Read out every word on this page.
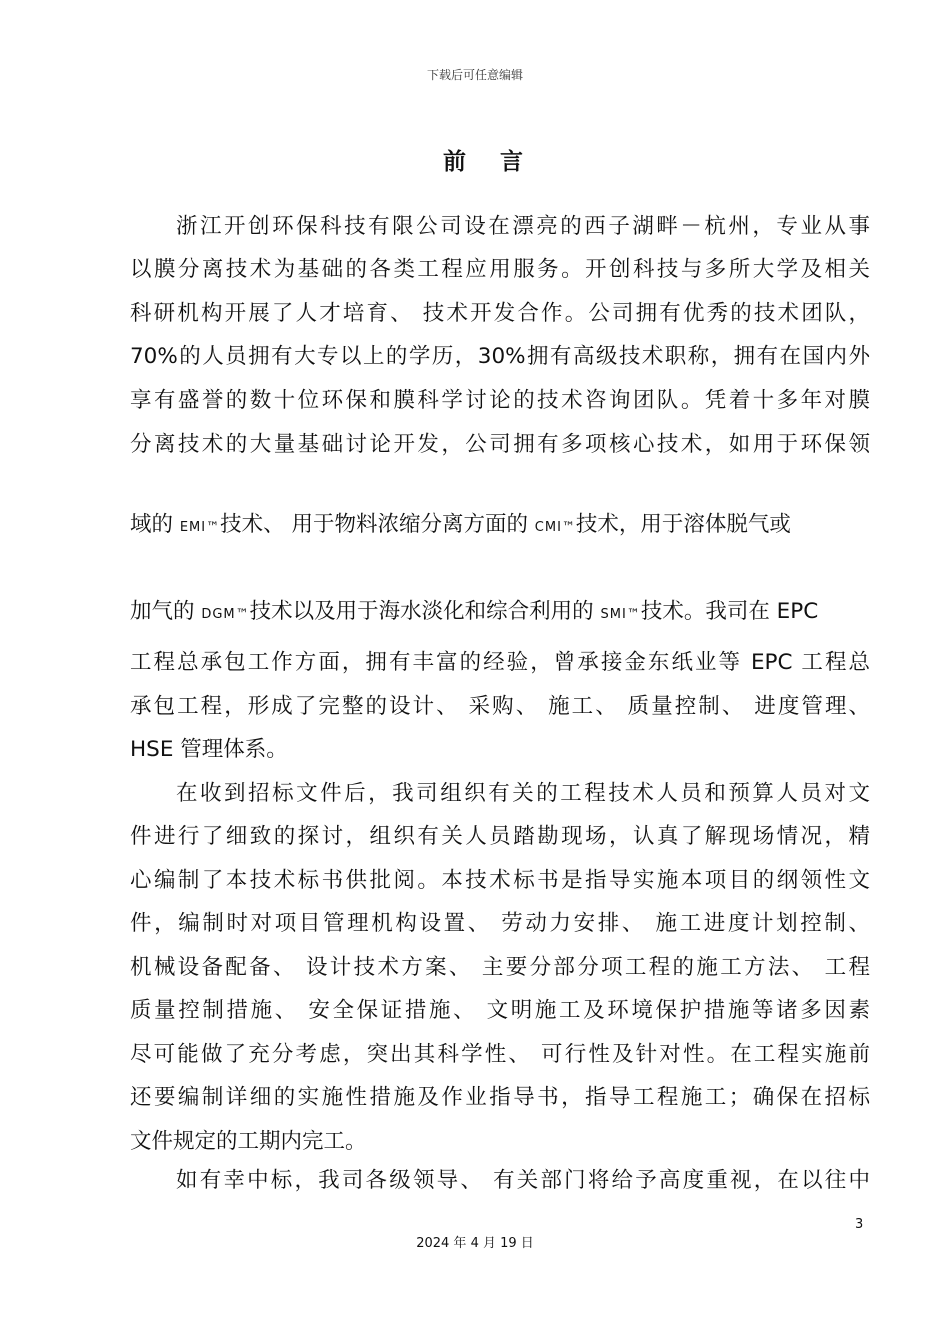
下载后可任意编辑
前言
浙江开创环保科技有限公司设在漂亮的西子湖畔－杭州，专业从事
以膜分离技术为基础的各类工程应用服务。开创科技与多所大学及相关
科研机构开展了人才培育、 技术开发合作。公司拥有优秀的技术团队，
70%的人员拥有大专以上的学历，30%拥有高级技术职称，拥有在国内外
享有盛誉的数十位环保和膜科学讨论的技术咨询团队。凭着十多年对膜
分离技术的大量基础讨论开发，公司拥有多项核心技术，如用于环保领
域的 EMI™技术、 用于物料浓缩分离方面的 CMI™技术，用于溶体脱气或
加气的 DGM™技术以及用于海水淡化和综合利用的 SMI™技术。我司在 EPC
工程总承包工作方面，拥有丰富的经验，曾承接金东纸业等 EPC 工程总
承包工程，形成了完整的设计、 采购、 施工、 质量控制、 进度管理、
HSE 管理体系。
在收到招标文件后，我司组织有关的工程技术人员和预算人员对文
件进行了细致的探讨，组织有关人员踏勘现场，认真了解现场情况，精
心编制了本技术标书供批阅。本技术标书是指导实施本项目的纲领性文
件，编制时对项目管理机构设置、 劳动力安排、 施工进度计划控制、
机械设备配备、 设计技术方案、 主要分部分项工程的施工方法、 工程
质量控制措施、 安全保证措施、 文明施工及环境保护措施等诸多因素
尽可能做了充分考虑，突出其科学性、 可行性及针对性。在工程实施前
还要编制详细的实施性措施及作业指导书，指导工程施工；确保在招标
文件规定的工期内完工。
如有幸中标，我司各级领导、 有关部门将给予高度重视，在以往中
3
2024 年 4 月 19 日
